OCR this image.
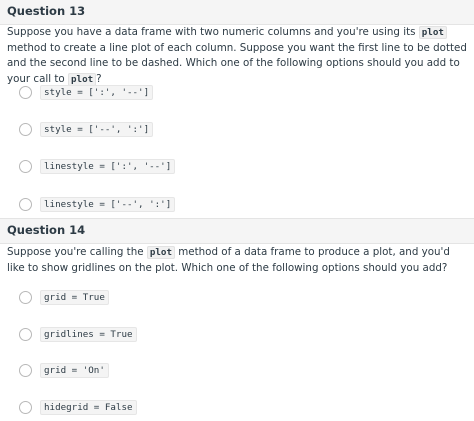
Question 13
Suppose you have a data frame with two numeric columns and you're using its plot method to create a line plot of each column. Suppose you want the first line to be dotted and the second line to be dashed. Which one of the following options should you add to your call to plot ?
style = [':', '--']
style = ['--', ':']
linestyle = [':', '--']
linestyle = ['--', ':']
Question 14
Suppose you're calling the plot method of a data frame to produce a plot, and you'd like to show gridlines on the plot. Which one of the following options should you add?
grid = True
gridlines = True
grid = 'On'
hidegrid = False
